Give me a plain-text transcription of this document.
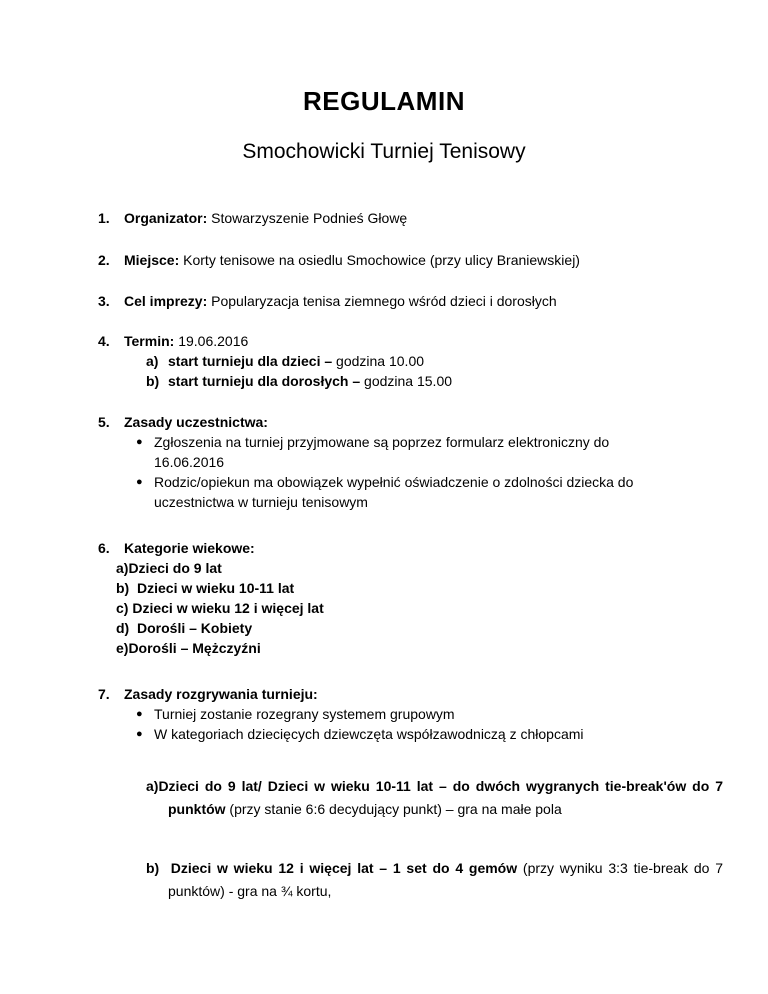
REGULAMIN
Smochowicki Turniej Tenisowy
1. Organizator: Stowarzyszenie Podnieś Głowę
2. Miejsce: Korty tenisowe na osiedlu Smochowice (przy ulicy Braniewskiej)
3. Cel imprezy: Popularyzacja tenisa ziemnego wśród dzieci i dorosłych
4. Termin: 19.06.2016
a) start turnieju dla dzieci – godzina 10.00
b) start turnieju dla dorosłych – godzina 15.00
5. Zasady uczestnictwa:
● Zgłoszenia na turniej przyjmowane są poprzez formularz elektroniczny do
16.06.2016
● Rodzic/opiekun ma obowiązek wypełnić oświadczenie o zdolności dziecka do
uczestnictwa w turnieju tenisowym
6. Kategorie wiekowe:
a)Dzieci do 9 lat
b)  Dzieci w wieku 10-11 lat
c) Dzieci w wieku 12 i więcej lat
d)  Dorośli – Kobiety
e)Dorośli – Mężczyźni
7. Zasady rozgrywania turnieju:
● Turniej zostanie rozegrany systemem grupowym
● W kategoriach dziecięcych dziewczęta współzawodniczą z chłopcami
a)Dzieci do 9 lat/ Dzieci w wieku 10-11 lat – do dwóch wygranych tie-break'ów do 7 punktów (przy stanie 6:6 decydujący punkt) – gra na małe pola
b)  Dzieci w wieku 12 i więcej lat – 1 set do 4 gemów (przy wyniku 3:3 tie-break do 7 punktów) - gra na ¾ kortu,
